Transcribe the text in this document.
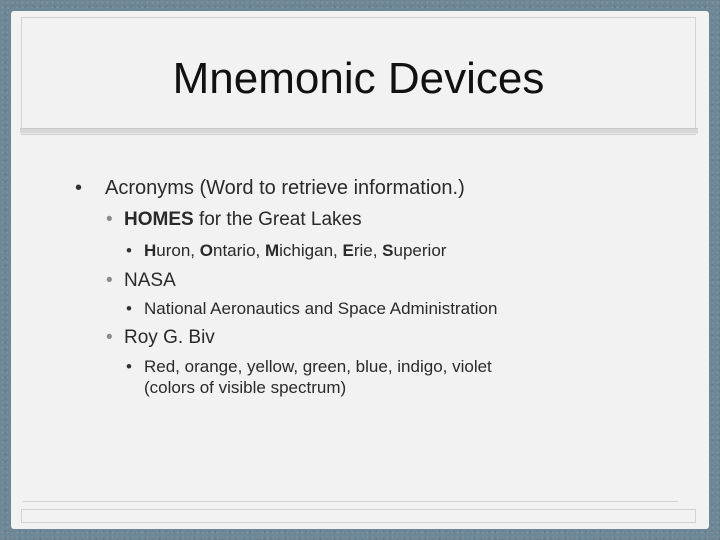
Mnemonic Devices
• Acronyms (Word to retrieve information.)
• HOMES for the Great Lakes
• Huron, Ontario, Michigan, Erie, Superior
• NASA
• National Aeronautics and Space Administration
• Roy G. Biv
• Red, orange, yellow, green, blue, indigo, violet
(colors of visible spectrum)
